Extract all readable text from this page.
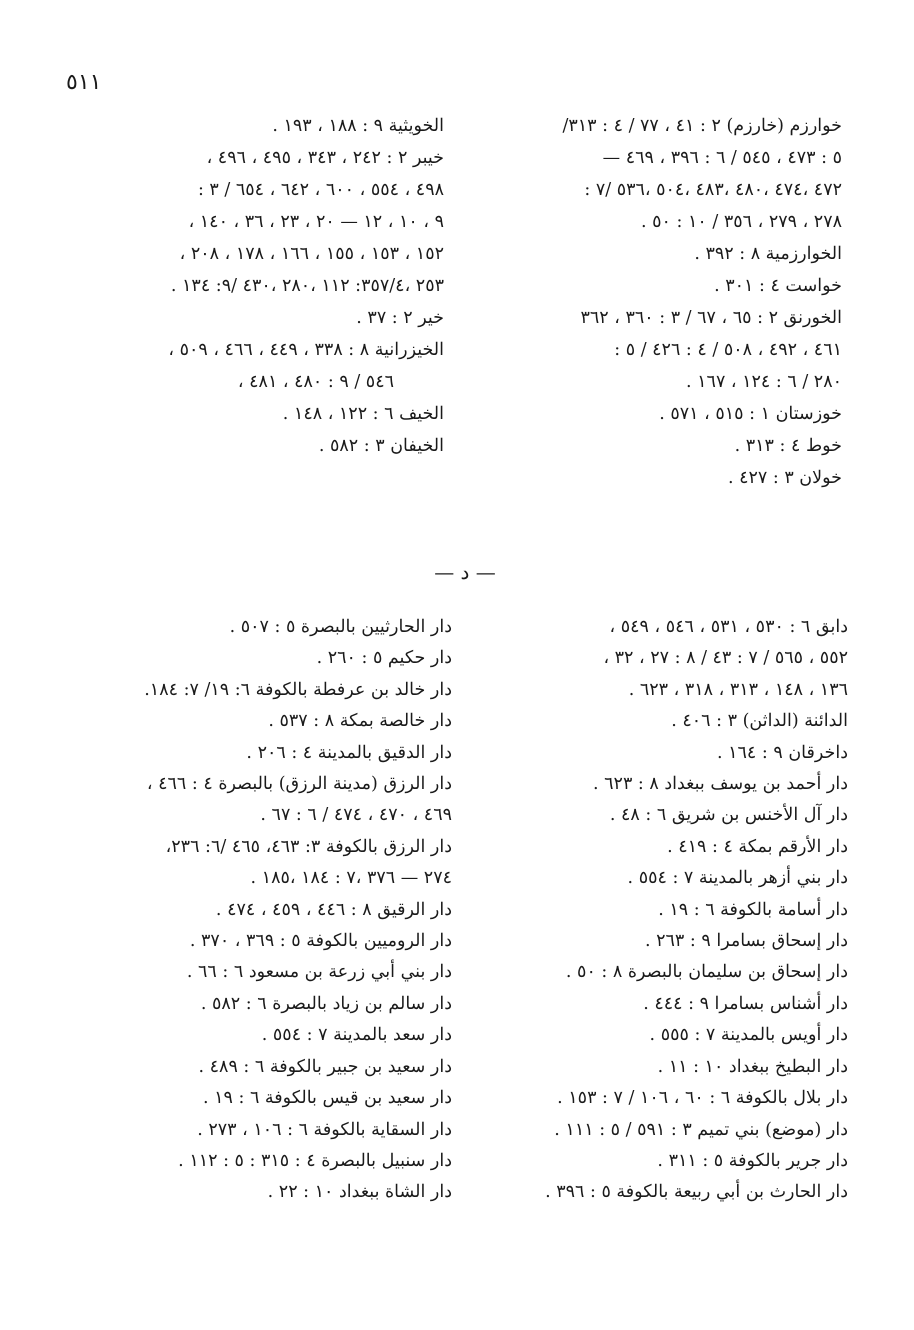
٥١١
خوارزم (خارزم) ٢ : ٤١ ، ٧٧ / ٤ : ٣١٣/
٥ : ٤٧٣ ، ٥٤٥ / ٦ : ٣٩٦ ، ٤٦٩ —
٤٧٢ ،٤٧٤ ،٤٨٠ ،٤٨٣ ،٥٠٤ ،٥٣٦ /٧ :
٢٧٨ ، ٢٧٩ ، ٣٥٦ / ١٠ : ٥٠ .
الخوارزمية ٨ : ٣٩٢ .
خواست ٤ : ٣٠١ .
الخورنق ٢ : ٦٥ ، ٦٧ / ٣ : ٣٦٠ ، ٣٦٢
٤٦١ ، ٤٩٢ ، ٥٠٨ / ٤ : ٤٢٦ / ٥ :
٢٨٠ / ٦ : ١٢٤ ، ١٦٧ .
خوزستان ١ : ٥١٥ ، ٥٧١ .
خوط ٤ : ٣١٣ .
خولان ٣ : ٤٢٧ .
الخويثية ٩ : ١٨٨ ، ١٩٣ .
خيبر ٢ : ٢٤٢ ، ٣٤٣ ، ٤٩٥ ، ٤٩٦ ،
٤٩٨ ، ٥٥٤ ، ٦٠٠ ، ٦٤٢ ، ٦٥٤ / ٣ :
٩ ، ١٠ ، ١٢ — ٢٠ ، ٢٣ ، ٣٦ ، ١٤٠ ،
١٥٢ ، ١٥٣ ، ١٥٥ ، ١٦٦ ، ١٧٨ ، ٢٠٨ ،
٢٥٣ ،٣٥٧/٤: ١١٢ ،٢٨٠ ،٤٣٠ /٩: ١٣٤ .
خير ٢ : ٣٧ .
الخيزرانية ٨ : ٣٣٨ ، ٤٤٩ ، ٤٦٦ ، ٥٠٩ ،
٥٤٦ / ٩ : ٤٨٠ ، ٤٨١ ،
الخيف ٦ : ١٢٢ ، ١٤٨ .
الخيفان ٣ : ٥٨٢ .
— د —
دابق ٦ : ٥٣٠ ، ٥٣١ ، ٥٤٦ ، ٥٤٩ ،
٥٥٢ ، ٥٦٥ / ٧ : ٤٣ / ٨ : ٢٧ ، ٣٢ ،
١٣٦ ، ١٤٨ ، ٣١٣ ، ٣١٨ ، ٦٢٣ .
الدائنة (الداثن) ٣ : ٤٠٦ .
داخرقان ٩ : ١٦٤ .
دار أحمد بن يوسف ببغداد ٨ : ٦٢٣ .
دار آل الأخنس بن شريق ٦ : ٤٨ .
دار الأرقم بمكة ٤ : ٤١٩ .
دار بني أزهر بالمدينة ٧ : ٥٥٤ .
دار أسامة بالكوفة ٦ : ١٩ .
دار إسحاق بسامرا ٩ : ٢٦٣ .
دار إسحاق بن سليمان بالبصرة ٨ : ٥٠ .
دار أشناس بسامرا ٩ : ٤٤٤ .
دار أويس بالمدينة ٧ : ٥٥٥ .
دار البطيخ ببغداد ١٠ : ١١ .
دار بلال بالكوفة ٦ : ٦٠ ، ١٠٦ / ٧ : ١٥٣ .
دار (موضع) بني تميم ٣ : ٥٩١ / ٥ : ١١١ .
دار جرير بالكوفة ٥ : ٣١١ .
دار الحارث بن أبي ربيعة بالكوفة ٥ : ٣٩٦ .
دار الحارثيين بالبصرة ٥ : ٥٠٧ .
دار حكيم ٥ : ٢٦٠ .
دار خالد بن عرفطة بالكوفة ٦: ١٩/ ٧: ١٨٤.
دار خالصة بمكة ٨ : ٥٣٧ .
دار الدقيق بالمدينة ٤ : ٢٠٦ .
دار الرزق (مدينة الرزق) بالبصرة ٤ : ٤٦٦ ،
٤٦٩ ، ٤٧٠ ، ٤٧٤ / ٦ : ٦٧ .
دار الرزق بالكوفة ٣: ٤٦٣، ٤٦٥ /٦: ٢٣٦،
٢٧٤ — ٣٧٦ ،٧ : ١٨٤ ،١٨٥ .
دار الرقيق ٨ : ٤٤٦ ، ٤٥٩ ، ٤٧٤ .
دار الروميين بالكوفة ٥ : ٣٦٩ ، ٣٧٠ .
دار بني أبي زرعة بن مسعود ٦ : ٦٦ .
دار سالم بن زياد بالبصرة ٦ : ٥٨٢ .
دار سعد بالمدينة ٧ : ٥٥٤ .
دار سعيد بن جبير بالكوفة ٦ : ٤٨٩ .
دار سعيد بن قيس بالكوفة ٦ : ١٩ .
دار السقاية بالكوفة ٦ : ١٠٦ ، ٢٧٣ .
دار سنبيل بالبصرة ٤ : ٣١٥ : ٥ : ١١٢ .
دار الشاة ببغداد ١٠ : ٢٢ .
